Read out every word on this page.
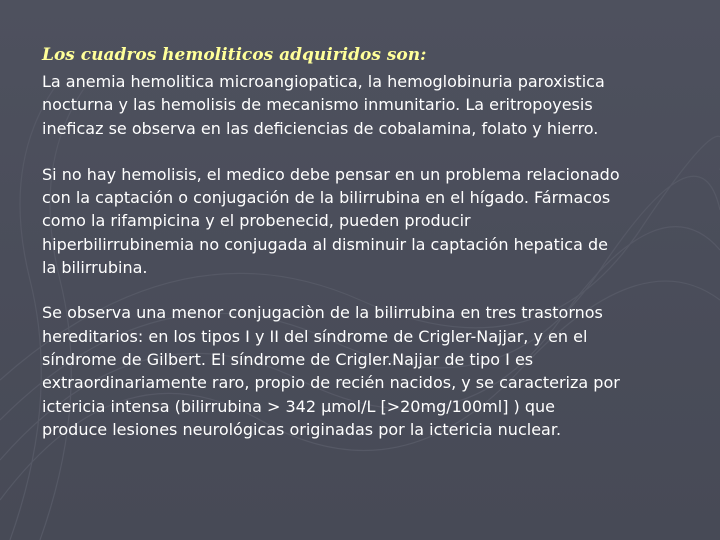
Los cuadros hemoliticos adquiridos son:

La anemia hemolitica microangiopatica, la hemoglobinuria paroxistica
nocturna y las hemolisis de mecanismo inmunitario. La eritropoyesis
ineficaz se observa en las deficiencias de cobalamina, folato y hierro.

Si no hay hemolisis, el medico debe pensar en un problema relacionado
con la captación o conjugación de la bilirrubina en el hígado. Fármacos
como la rifampicina y el probenecid, pueden producir
hiperbilirrubinemia no conjugada al disminuir la captación hepatica de
la bilirrubina.

Se observa una menor conjugaciòn de la bilirrubina en tres trastornos
hereditarios: en los tipos I y II del síndrome de Crigler-Najjar, y en el
síndrome de Gilbert. El síndrome de Crigler.Najjar de tipo I es
extraordinariamente raro, propio de recién nacidos, y se caracteriza por
ictericia intensa (bilirrubina > 342 µmol/L [>20mg/100ml] ) que
produce lesiones neurológicas originadas por la ictericia nuclear.
